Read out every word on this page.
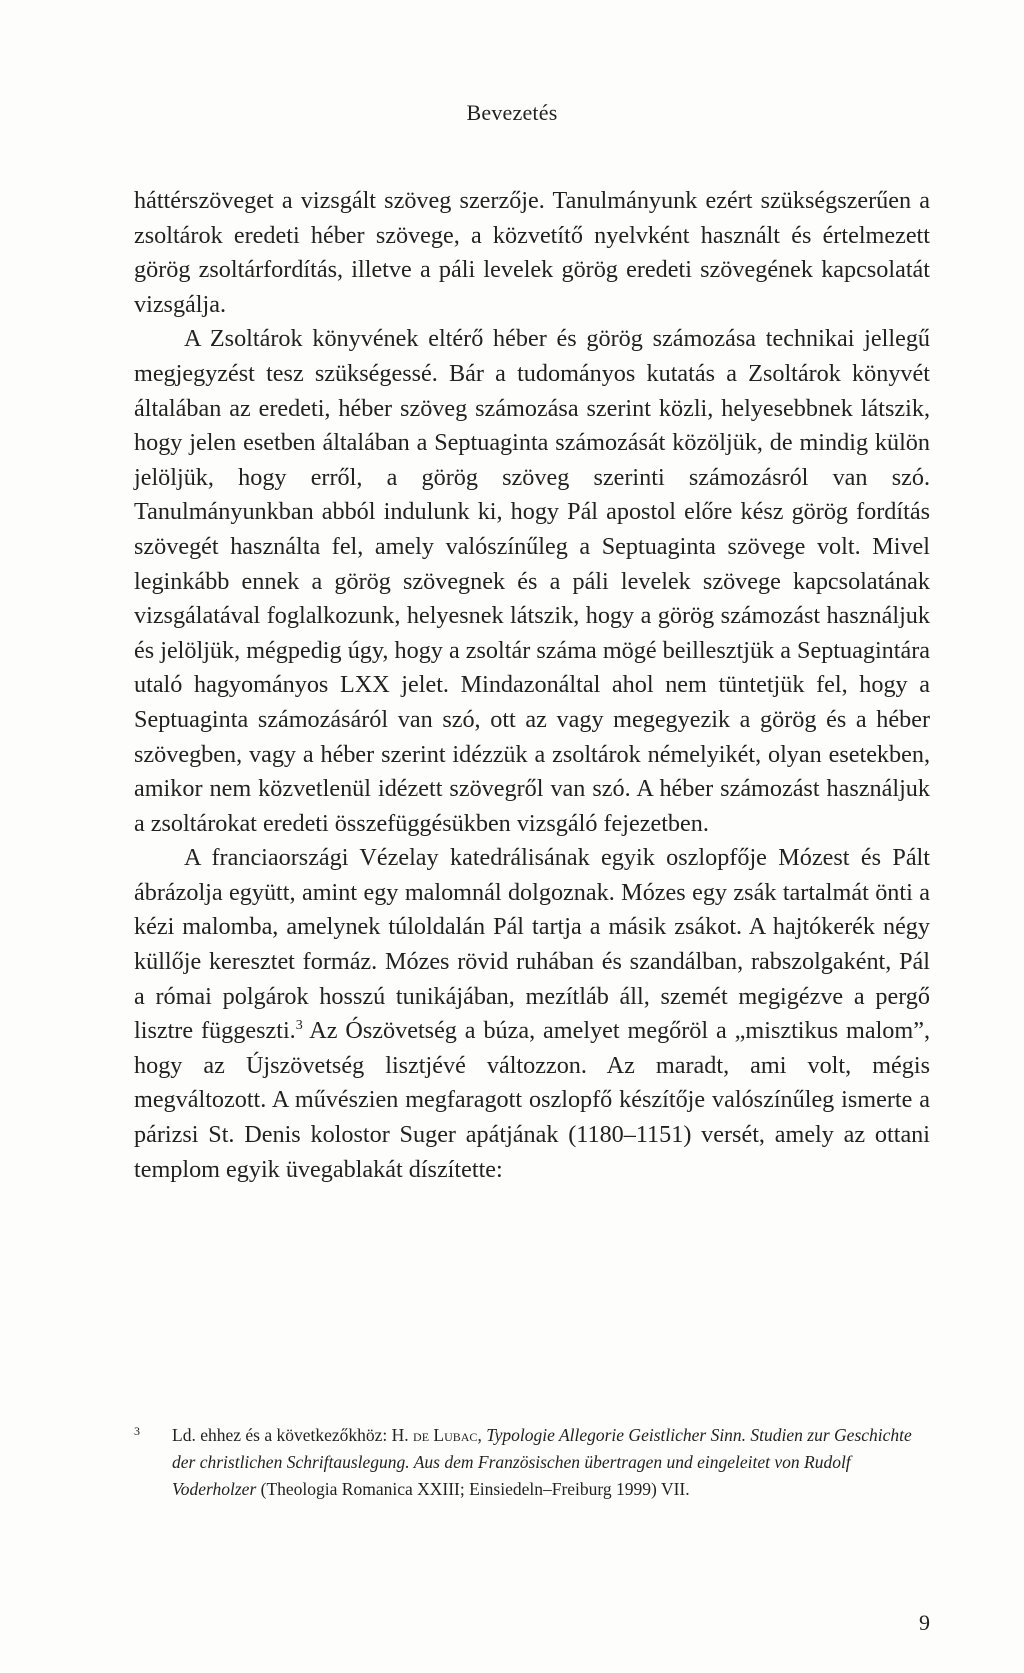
Bevezetés

háttérszöveget a vizsgált szöveg szerzője. Tanulmányunk ezért szükségszerűen a zsoltárok eredeti héber szövege, a közvetítő nyelvként használt és értelmezett görög zsoltárfordítás, illetve a páli levelek görög eredeti szövegének kapcsolatát vizsgálja.

A Zsoltárok könyvének eltérő héber és görög számozása technikai jellegű megjegyzést tesz szükségessé. Bár a tudományos kutatás a Zsoltárok könyvét általában az eredeti, héber szöveg számozása szerint közli, helyesebbnek látszik, hogy jelen esetben általában a Septuaginta számozását közöljük, de mindig külön jelöljük, hogy erről, a görög szöveg szerinti számozásról van szó. Tanulmányunkban abból indulunk ki, hogy Pál apostol előre kész görög fordítás szövegét használta fel, amely valószínűleg a Septuaginta szövege volt. Mivel leginkább ennek a görög szövegnek és a páli levelek szövege kapcsolatának vizsgálatával foglalkozunk, helyesnek látszik, hogy a görög számozást használjuk és jelöljük, mégpedig úgy, hogy a zsoltár száma mögé beillesztjük a Septuagintára utaló hagyományos LXX jelet. Mindazonáltal ahol nem tüntetjük fel, hogy a Septuaginta számozásáról van szó, ott az vagy megegyezik a görög és a héber szövegben, vagy a héber szerint idézzük a zsoltárok némelyikét, olyan esetekben, amikor nem közvetlenül idézett szövegről van szó. A héber számozást használjuk a zsoltárokat eredeti összefüggésükben vizsgáló fejezetben.

A franciaországi Vézelay katedrálisának egyik oszlopfője Mózest és Pált ábrázolja együtt, amint egy malomnál dolgoznak. Mózes egy zsák tartalmát önti a kézi malomba, amelynek túloldalán Pál tartja a másik zsákot. A hajtókerék négy küllője keresztet formáz. Mózes rövid ruhában és szandálban, rabszolgaként, Pál a római polgárok hosszú tunikájában, mezítláb áll, szemét megigézve a pergő lisztre függeszti.$^3$ Az Ószövetség a búza, amelyet megőröl a „misztikus malom”, hogy az Újszövetség lisztjévé változzon. Az maradt, ami volt, mégis megváltozott. A művészien megfaragott oszlopfő készítője valószínűleg ismerte a párizsi St. Denis kolostor Suger apátjának (1180–1151) versét, amely az ottani templom egyik üvegablakát díszítette:

3 Ld. ehhez és a következőkhöz: H. de Lubac, Typologie Allegorie Geistlicher Sinn. Studien zur Geschichte der christlichen Schriftauslegung. Aus dem Französischen übertragen und eingeleitet von Rudolf Voderholzer (Theologia Romanica XXIII; Einsiedeln–Freiburg 1999) VII.

9
